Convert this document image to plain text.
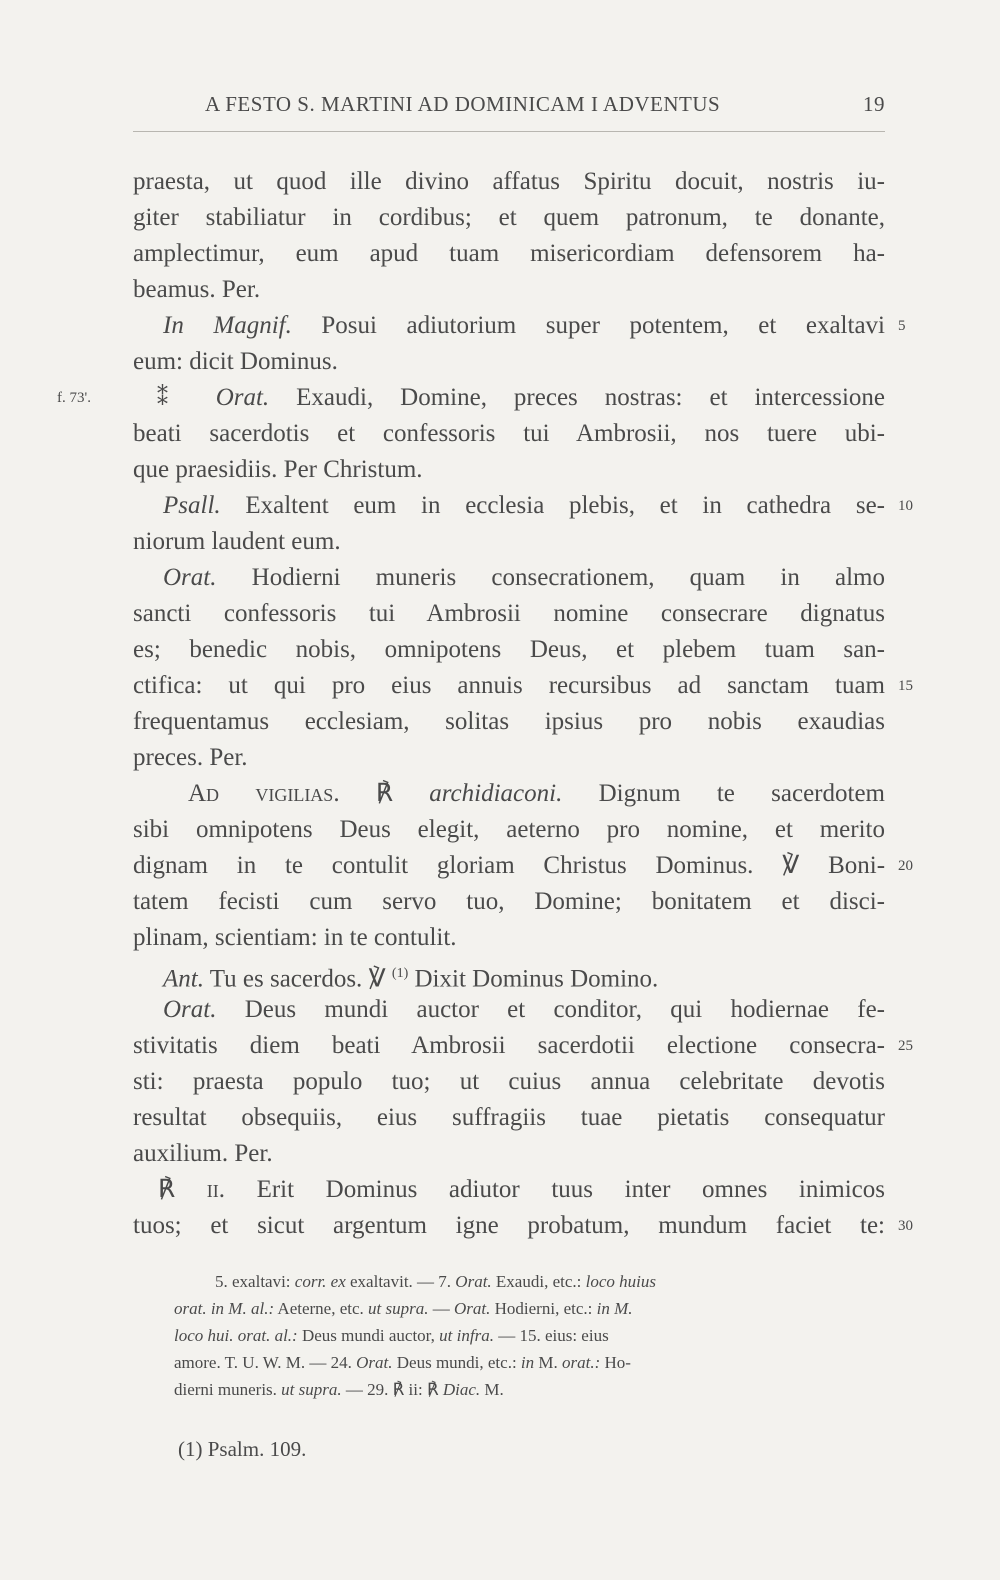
A FESTO S. MARTINI AD DOMINICAM I ADVENTUS	19
praesta, ut quod ille divino affatus Spiritu docuit, nostris iu-
giter stabiliatur in cordibus; et quem patronum, te donante,
amplectimur, eum apud tuam misericordiam defensorem ha-
beamus. Per.
In Magnif. Posui adiutorium super potentem, et exaltavi 5
eum: dicit Dominus.
f. 73'.	⁑ Orat. Exaudi, Domine, preces nostras: et intercessione
beati sacerdotis et confessoris tui Ambrosii, nos tuere ubi-
que praesidiis. Per Christum.
Psall. Exaltent eum in ecclesia plebis, et in cathedra se- 10
niorum laudent eum.
Orat. Hodierni muneris consecrationem, quam in almo
sancti confessoris tui Ambrosii nomine consecrare dignatus
es; benedic nobis, omnipotens Deus, et plebem tuam san-
ctifica: ut qui pro eius annuis recursibus ad sanctam tuam 15
frequentamus ecclesiam, solitas ipsius pro nobis exaudias
preces. Per.
Ad vigilias. ℟ archidiaconi. Dignum te sacerdotem
sibi omnipotens Deus elegit, aeterno pro nomine, et merito
dignam in te contulit gloriam Christus Dominus. ℣ Boni- 20
tatem fecisti cum servo tuo, Domine; bonitatem et disci-
plinam, scientiam: in te contulit.
Ant. Tu es sacerdos. ℣ $^{(1)}$ Dixit Dominus Domino.
Orat. Deus mundi auctor et conditor, qui hodiernae fe-
stivitatis diem beati Ambrosii sacerdotii electione consecra- 25
sti: praesta populo tuo; ut cuius annua celebritate devotis
resultat obsequiis, eius suffragiis tuae pietatis consequatur
auxilium. Per.
℟ ii. Erit Dominus adiutor tuus inter omnes inimicos
tuos; et sicut argentum igne probatum, mundum faciet te: 30
5. exaltavi: corr. ex exaltavit. — 7. Orat. Exaudi, etc.: loco huius
orat. in M. al.: Aeterne, etc. ut supra. — Orat. Hodierni, etc.: in M.
loco hui. orat. al.: Deus mundi auctor, ut infra. — 15. eius: eius
amore. T. U. W. M. — 24. Orat. Deus mundi, etc.: in M. orat.: Ho-
dierni muneris. ut supra. — 29. ℟ ii: ℟ Diac. M.
(1) Psalm. 109.
